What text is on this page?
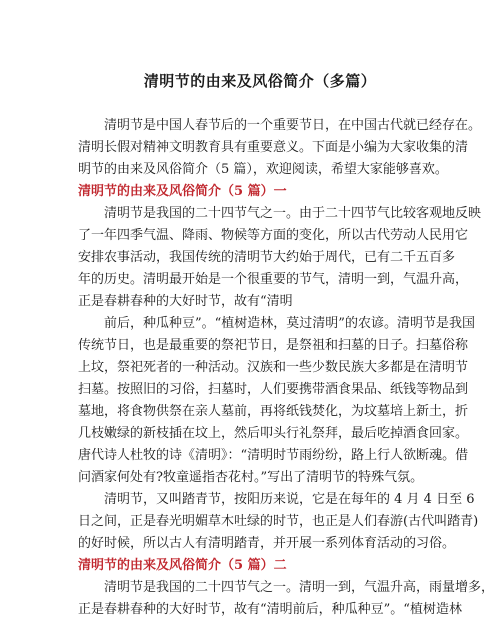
清明节的由来及风俗简介（多篇）
清明节是中国人春节后的一个重要节日，在中国古代就已经存在。
清明长假对精神文明教育具有重要意义。下面是小编为大家收集的清
明节的由来及风俗简介（5 篇），欢迎阅读，希望大家能够喜欢。
清明节的由来及风俗简介（5 篇）一
清明节是我国的二十四节气之一。由于二十四节气比较客观地反映
了一年四季气温、降雨、物候等方面的变化，所以古代劳动人民用它
安排农事活动，我国传统的清明节大约始于周代，已有二千五百多
年的历史。清明最开始是一个很重要的节气，清明一到，气温升高，
正是春耕春种的大好时节，故有“清明
前后，种瓜种豆”。“植树造林，莫过清明”的农谚。清明节是我国
传统节日，也是最重要的祭祀节日，是祭祖和扫墓的日子。扫墓俗称
上坟，祭祀死者的一种活动。汉族和一些少数民族大多都是在清明节
扫墓。按照旧的习俗，扫墓时，人们要携带酒食果品、纸钱等物品到
墓地，将食物供祭在亲人墓前，再将纸钱焚化，为坟墓培上新土，折
几枝嫩绿的新枝插在坟上，然后叩头行礼祭拜，最后吃掉酒食回家。
唐代诗人杜牧的诗《清明》：“清明时节雨纷纷，路上行人欲断魂。借
问酒家何处有?牧童遥指杏花村。”写出了清明节的特殊气氛。
清明节，又叫踏青节，按阳历来说，它是在每年的 4 月 4 日至 6
日之间，正是春光明媚草木吐绿的时节，也正是人们春游(古代叫踏青)
的好时候，所以古人有清明踏青，并开展一系列体育活动的习俗。
清明节的由来及风俗简介（5 篇）二
清明节是我国的二十四节气之一。清明一到，气温升高，雨量增多，
正是春耕春种的大好时节，故有“清明前后，种瓜种豆”。“植树造林
